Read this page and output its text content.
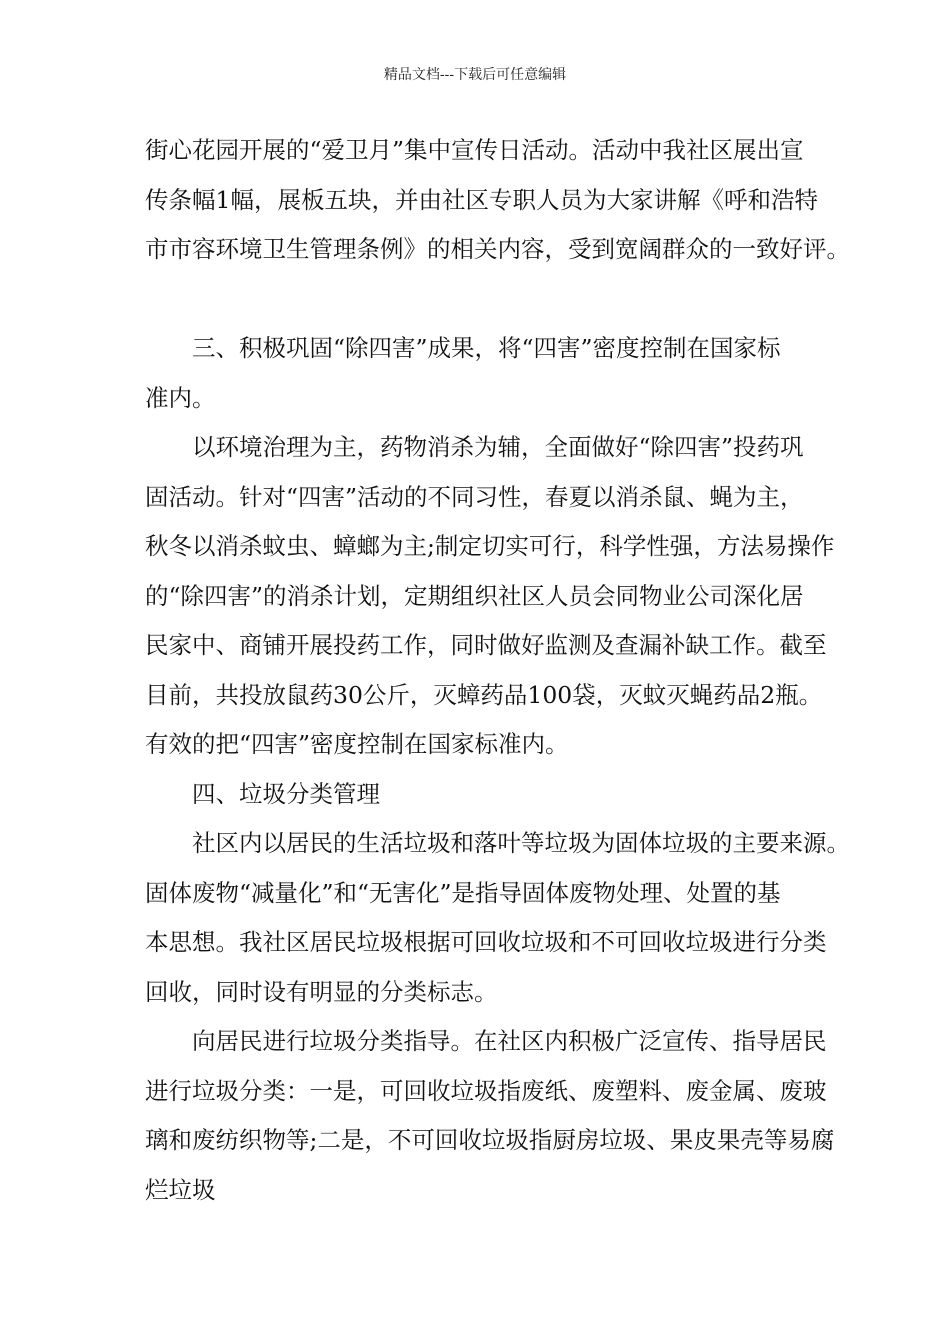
精品文档---下载后可任意编辑
街心花园开展的“爱卫月”集中宣传日活动。活动中我社区展出宣
传条幅1幅，展板五块，并由社区专职人员为大家讲解《呼和浩特
市市容环境卫生管理条例》的相关内容，受到宽阔群众的一致好评。
三、积极巩固“除四害”成果，将“四害”密度控制在国家标
准内。
以环境治理为主，药物消杀为辅，全面做好“除四害”投药巩
固活动。针对“四害”活动的不同习性，春夏以消杀鼠、蝇为主，
秋冬以消杀蚊虫、蟑螂为主;制定切实可行，科学性强，方法易操作
的“除四害”的消杀计划，定期组织社区人员会同物业公司深化居
民家中、商铺开展投药工作，同时做好监测及查漏补缺工作。截至
目前，共投放鼠药30公斤，灭蟑药品100袋，灭蚊灭蝇药品2瓶。
有效的把“四害”密度控制在国家标准内。
四、垃圾分类管理
社区内以居民的生活垃圾和落叶等垃圾为固体垃圾的主要来源。
固体废物“减量化”和“无害化”是指导固体废物处理、处置的基
本思想。我社区居民垃圾根据可回收垃圾和不可回收垃圾进行分类
回收，同时设有明显的分类标志。
向居民进行垃圾分类指导。在社区内积极广泛宣传、指导居民
进行垃圾分类：一是，可回收垃圾指废纸、废塑料、废金属、废玻
璃和废纺织物等;二是，不可回收垃圾指厨房垃圾、果皮果壳等易腐
烂垃圾
